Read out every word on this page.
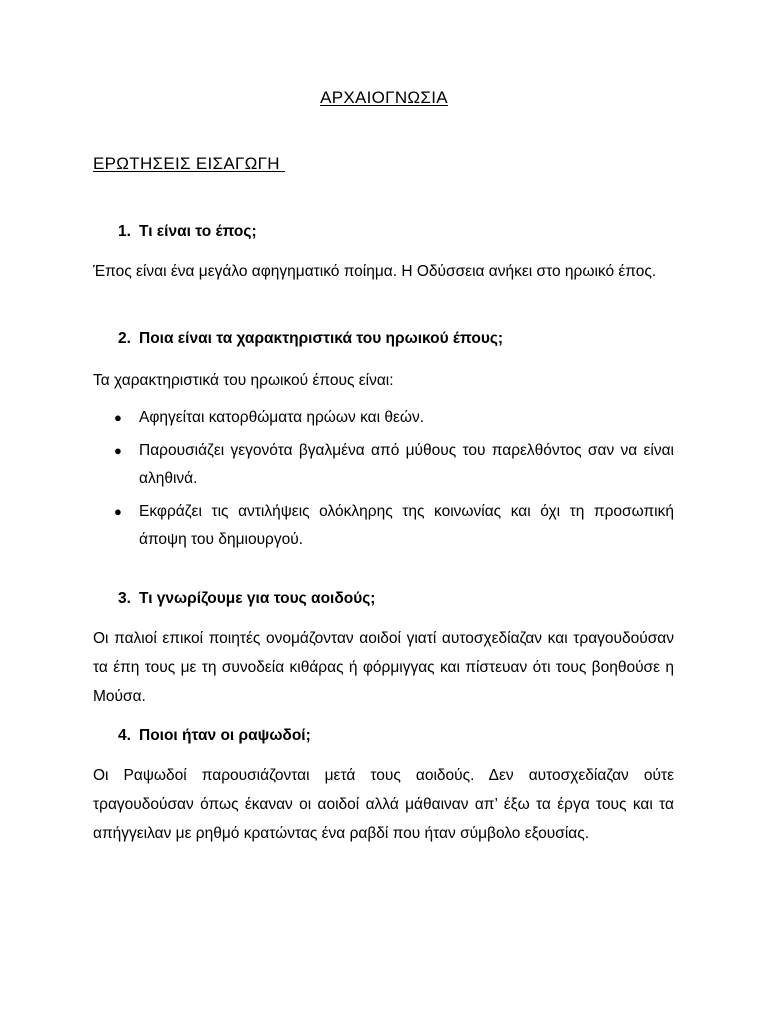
ΑΡΧΑΙΟΓΝΩΣΙΑ
ΕΡΩΤΗΣΕΙΣ ΕΙΣΑΓΩΓΗ
1. Τι είναι το έπος;
Έπος είναι ένα μεγάλο αφηγηματικό ποίημα. Η Οδύσσεια ανήκει στο ηρωικό έπος.
2. Ποια είναι τα χαρακτηριστικά του ηρωικού έπους;
Τα χαρακτηριστικά του ηρωικού έπους είναι:
● Αφηγείται κατορθώματα ηρώων και θεών.
● Παρουσιάζει γεγονότα βγαλμένα από μύθους του παρελθόντος σαν να είναι αληθινά.
● Εκφράζει τις αντιλήψεις ολόκληρης της κοινωνίας και όχι τη προσωπική άποψη του δημιουργού.
3. Τι γνωρίζουμε για τους αοιδούς;
Οι παλιοί επικοί ποιητές ονομάζονταν αοιδοί γιατί αυτοσχεδίαζαν και τραγουδούσαν τα έπη τους με τη συνοδεία κιθάρας ή φόρμιγγας και πίστευαν ότι τους βοηθούσε η Μούσα.
4. Ποιοι ήταν οι ραψωδοί;
Οι Ραψωδοί παρουσιάζονται μετά τους αοιδούς. Δεν αυτοσχεδίαζαν ούτε τραγουδούσαν όπως έκαναν οι αοιδοί αλλά μάθαιναν απ’ έξω τα έργα τους και τα απήγγειλαν με ρηθμό κρατώντας ένα ραβδί που ήταν σύμβολο εξουσίας.
